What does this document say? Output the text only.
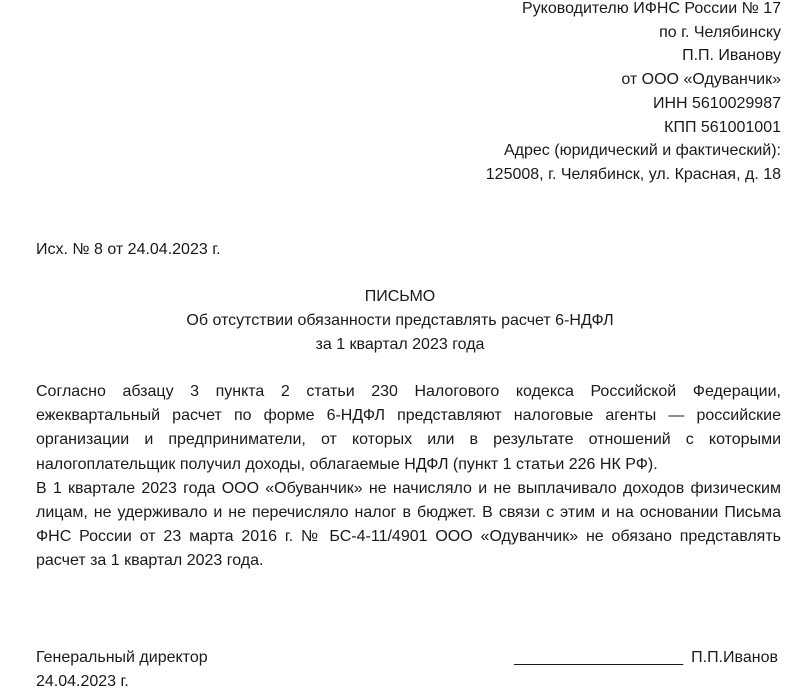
Руководителю ИФНС России № 17
по г. Челябинску
П.П. Иванову
от ООО «Одуванчик»
ИНН 5610029987
КПП 561001001
Адрес (юридический и фактический):
125008, г. Челябинск, ул. Красная, д. 18
Исх. № 8 от 24.04.2023 г.
ПИСЬМО
Об отсутствии обязанности представлять расчет 6-НДФЛ
за 1 квартал 2023 года

Согласно абзацу 3 пункта 2 статьи 230 Налогового кодекса Российской Федерации, ежеквартальный расчет по форме 6-НДФЛ представляют налоговые агенты — российские организации и предприниматели, от которых или в результате отношений с которыми налогоплательщик получил доходы, облагаемые НДФЛ (пункт 1 статьи 226 НК РФ).

В 1 квартале 2023 года ООО «Обуванчик» не начисляло и не выплачивало доходов физическим лицам, не удерживало и не перечисляло налог в бюджет. В связи с этим и на основании Письма ФНС России от 23 марта 2016 г. № БС-4-11/4901 ООО «Одуванчик» не обязано представлять расчет за 1 квартал 2023 года.

Генеральный директор
24.04.2023 г.
___________________ П.П.Иванов
